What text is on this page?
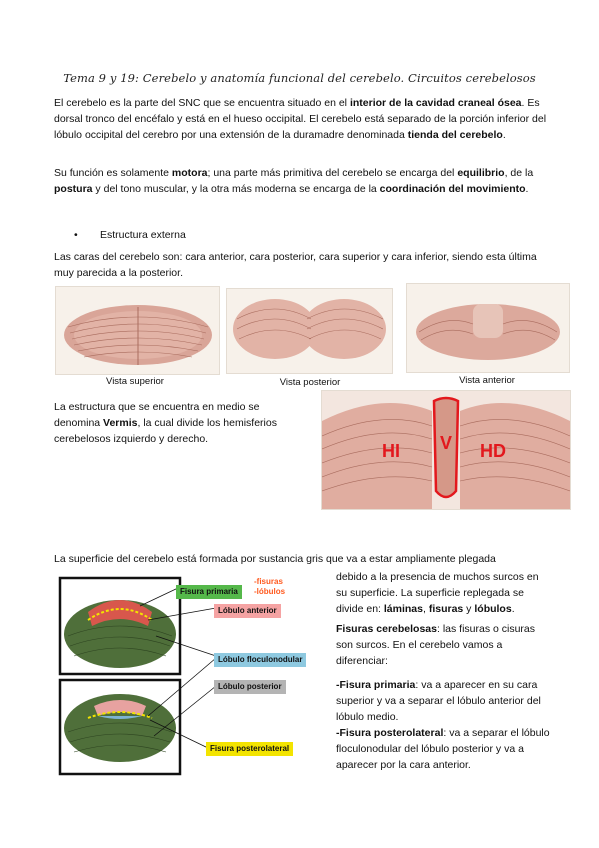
Tema 9 y 19: Cerebelo y anatomía funcional del cerebelo. Circuitos cerebelosos
El cerebelo es la parte del SNC que se encuentra situado en el interior de la cavidad craneal ósea. Es dorsal tronco del encéfalo y está en el hueso occipital. El cerebelo está separado de la porción inferior del lóbulo occipital del cerebro por una extensión de la duramadre denominada tienda del cerebelo.
Su función es solamente motora; una parte más primitiva del cerebelo se encarga del equilibrio, de la postura y del tono muscular, y la otra más moderna se encarga de la coordinación del movimiento.
• Estructura externa
Las caras del cerebelo son: cara anterior, cara posterior, cara superior y cara inferior, siendo esta última muy parecida a la posterior.
Vista superior	Vista posterior	Vista anterior
La estructura que se encuentra en medio se denomina Vermis, la cual divide los hemisferios cerebelosos izquierdo y derecho.
HI V HD
La superficie del cerebelo está formada por sustancia gris que va a estar ampliamente plegada
Fisura primaria
Lóbulo anterior
Lóbulo floculonodular
Lóbulo posterior
Fisura posterolateral
-fisuras
-lóbulos
debido a la presencia de muchos surcos en su superficie. La superficie replegada se divide en: láminas, fisuras y lóbulos.
Fisuras cerebelosas: las fisuras o cisuras son surcos. En el cerebelo vamos a diferenciar:
-Fisura primaria: va a aparecer en su cara superior y va a separar el lóbulo anterior del lóbulo medio.
-Fisura posterolateral: va a separar el lóbulo floculonodular del lóbulo posterior y va a aparecer por la cara anterior.
